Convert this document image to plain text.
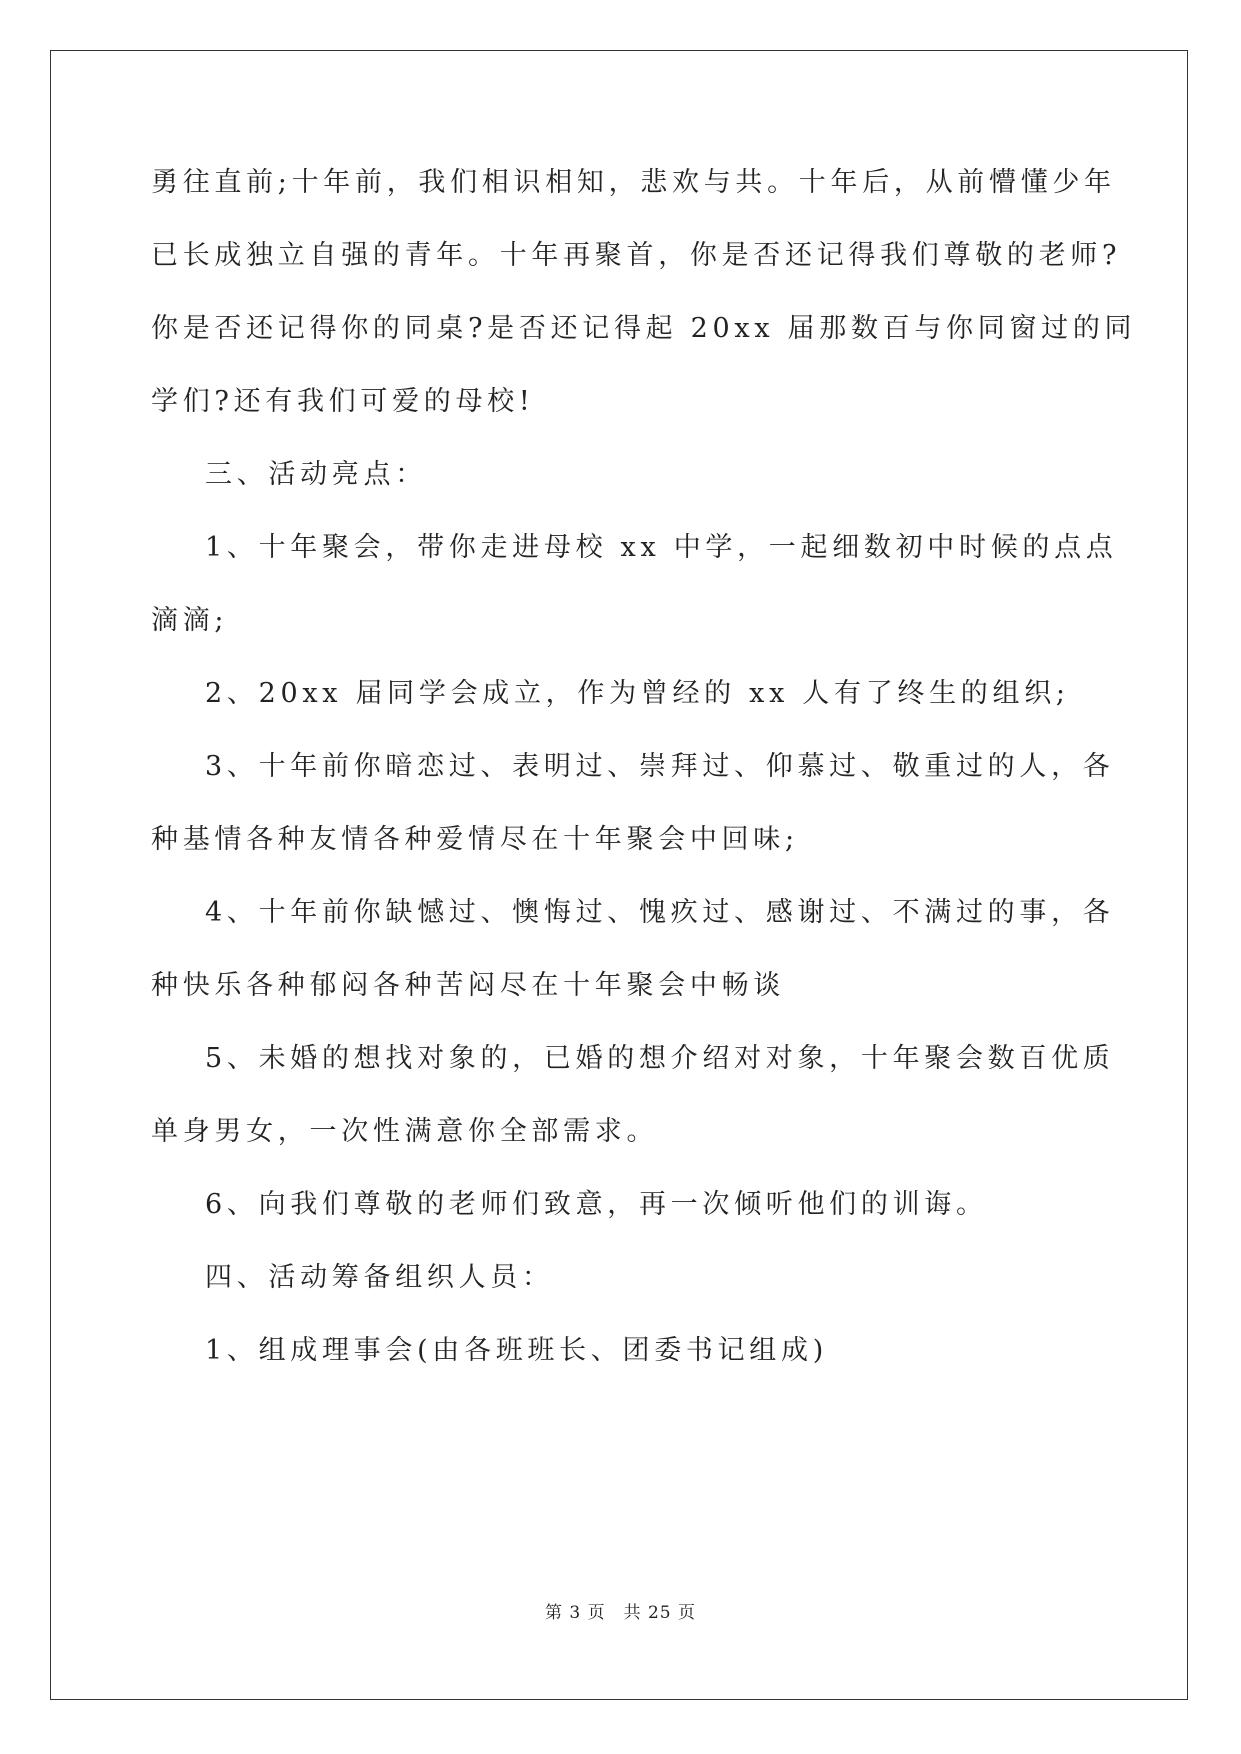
勇往直前;十年前，我们相识相知，悲欢与共。十年后，从前懵懂少年
已长成独立自强的青年。十年再聚首，你是否还记得我们尊敬的老师?
你是否还记得你的同桌?是否还记得起 20xx 届那数百与你同窗过的同
学们?还有我们可爱的母校!
三、活动亮点：
1、十年聚会，带你走进母校 xx 中学，一起细数初中时候的点点
滴滴;
2、20xx 届同学会成立，作为曾经的 xx 人有了终生的组织;
3、十年前你暗恋过、表明过、崇拜过、仰慕过、敬重过的人，各
种基情各种友情各种爱情尽在十年聚会中回味;
4、十年前你缺憾过、懊悔过、愧疚过、感谢过、不满过的事，各
种快乐各种郁闷各种苦闷尽在十年聚会中畅谈
5、未婚的想找对象的，已婚的想介绍对对象，十年聚会数百优质
单身男女，一次性满意你全部需求。
6、向我们尊敬的老师们致意，再一次倾听他们的训诲。
四、活动筹备组织人员：
1、组成理事会(由各班班长、团委书记组成)
第 3 页 共 25 页
